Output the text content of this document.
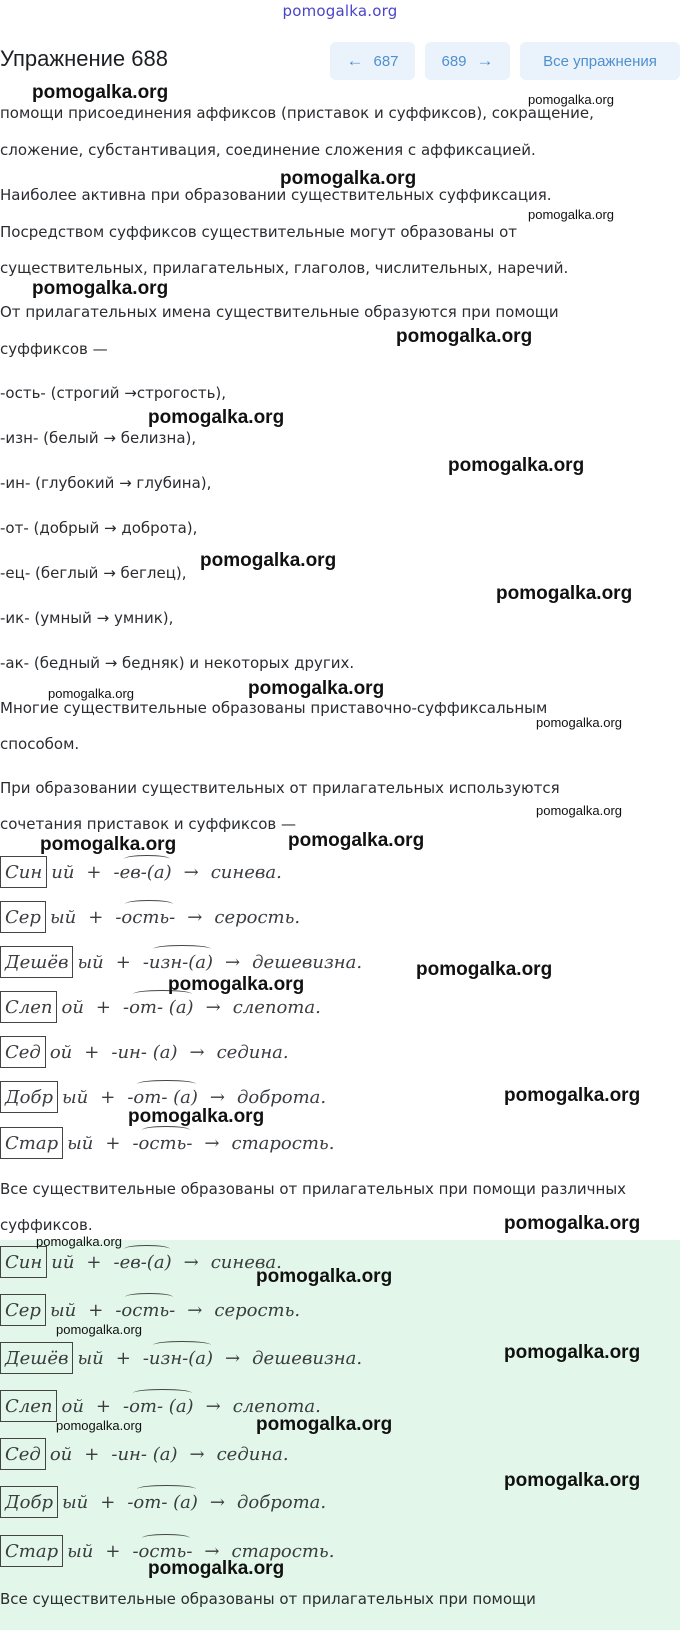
pomogalka.org
Упражнение 688	← 687	689 →	Все упражнения
помощи присоединения аффиксов (приставок и суффиксов), сокращение,
сложение, субстантивация, соединение сложения с аффиксацией.
Наиболее активна при образовании существительных суффиксация.
Посредством суффиксов существительные могут образованы от
существительных, прилагательных, глаголов, числительных, наречий.
От прилагательных имена существительные образуются при помощи
суффиксов —
-ость- (строгий →строгость),
-изн- (белый → белизна),
-ин- (глубокий → глубина),
-от- (добрый → доброта),
-ец- (беглый → беглец),
-ик- (умный → умник),
-ак- (бедный → бедняк) и некоторых других.
Многие существительные образованы приставочно-суффиксальным
способом.
При образовании существительных от прилагательных используются
сочетания приставок и суффиксов —
Син ий + -ев-(а) → синева.
Сер ый + -ость- → серость.
Дешёв ый + -изн-(а) → дешевизна.
Слеп ой + -от- (а) → слепота.
Сед ой + -ин- (а) → седина.
Добр ый + -от- (а) → доброта.
Стар ый + -ость- → старость.
Все существительные образованы от прилагательных при помощи различных
суффиксов.
Син ий + -ев-(а) → синева.
Сер ый + -ость- → серость.
Дешёв ый + -изн-(а) → дешевизна.
Слеп ой + -от- (а) → слепота.
Сед ой + -ин- (а) → седина.
Добр ый + -от- (а) → доброта.
Стар ый + -ость- → старость.
Все существительные образованы от прилагательных при помощи
pomogalka.org	pomogalka.org
pomogalka.org
pomogalka.org
pomogalka.org
pomogalka.org
pomogalka.org
pomogalka.org
pomogalka.org
pomogalka.org
pomogalka.org	pomogalka.org
pomogalka.org
pomogalka.org
pomogalka.org	pomogalka.org
pomogalka.org
pomogalka.org
pomogalka.org
pomogalka.org
pomogalka.org
pomogalka.org
pomogalka.org
pomogalka.org
pomogalka.org
pomogalka.org	pomogalka.org
pomogalka.org
pomogalka.org
